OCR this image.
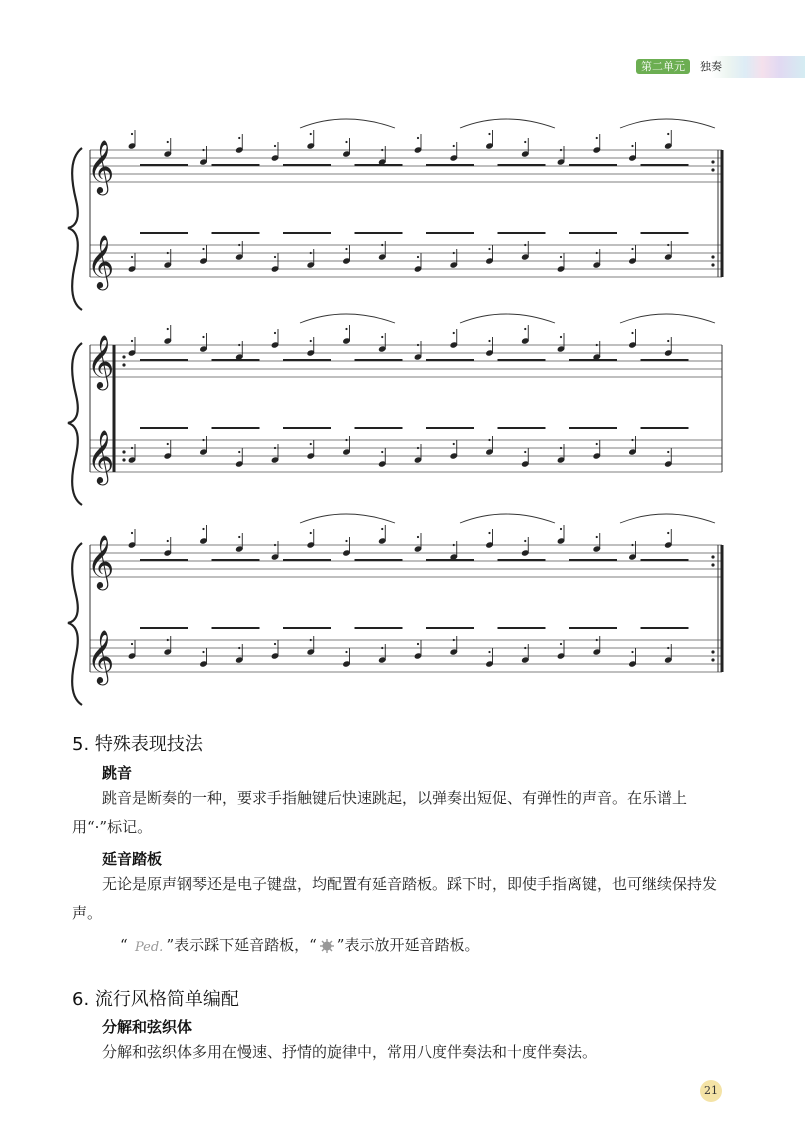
第二单元	独奏
𝄞
𝄞
𝄞
𝄞
𝄞
𝄞
5. 特殊表现技法
跳音
跳音是断奏的一种，要求手指触键后快速跳起，以弹奏出短促、有弹性的声音。在乐谱上用“·”标记。
延音踏板
无论是原声钢琴还是电子键盘，均配置有延音踏板。踩下时，即使手指离键，也可继续保持发声。
“ Ped. ”表示踩下延音踏板，“ ”表示放开延音踏板。
6. 流行风格简单编配
分解和弦织体
分解和弦织体多用在慢速、抒情的旋律中，常用八度伴奏法和十度伴奏法。
21
